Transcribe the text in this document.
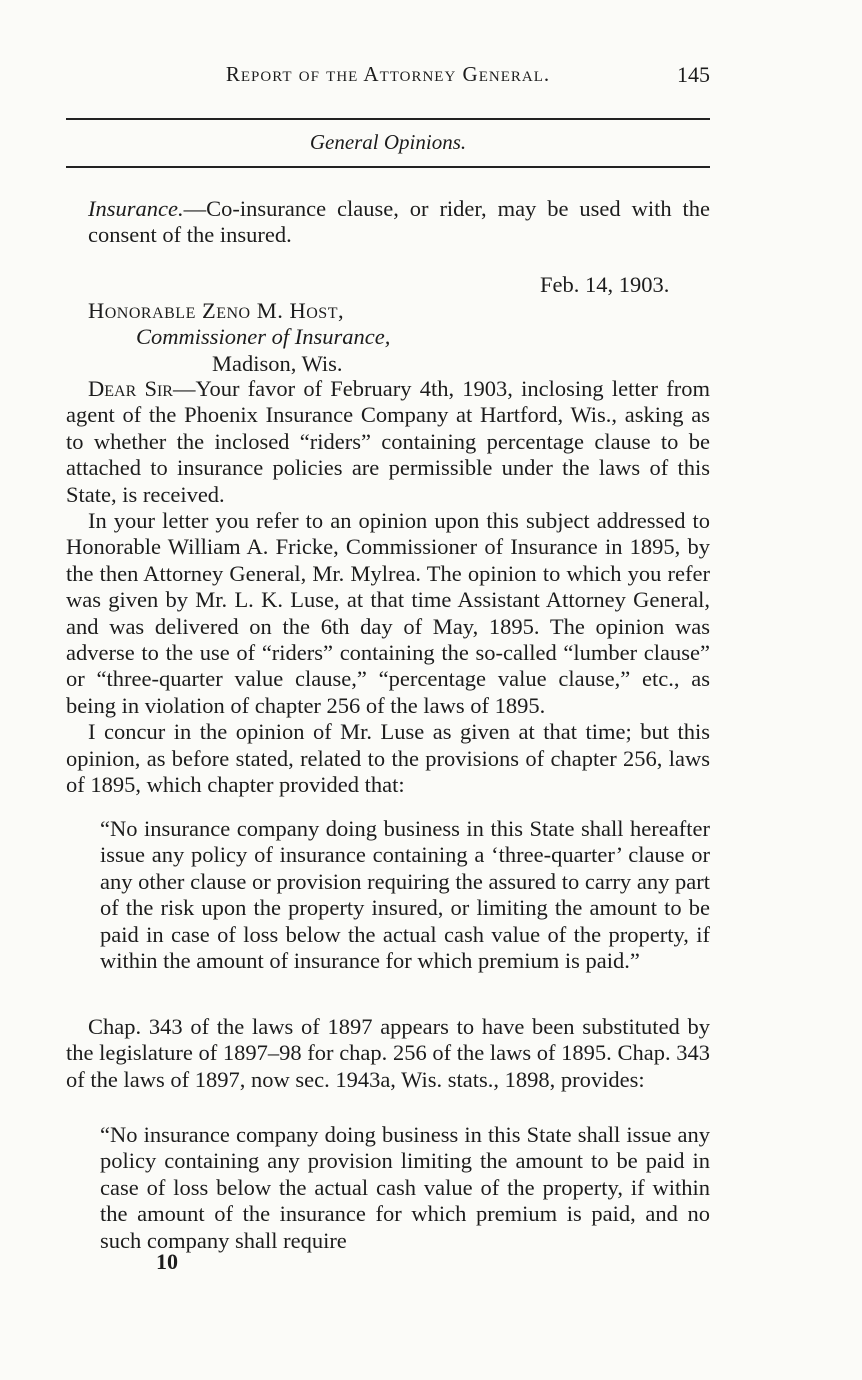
Report of the Attorney General.	145
General Opinions.
Insurance.—Co-insurance clause, or rider, may be used with the consent of the insured.
Feb. 14, 1903.
Honorable Zeno M. Host,
Commissioner of Insurance,
Madison, Wis.

Dear Sir—Your favor of February 4th, 1903, inclosing letter from agent of the Phoenix Insurance Company at Hartford, Wis., asking as to whether the inclosed “riders” containing percentage clause to be attached to insurance policies are permissible under the laws of this State, is received.

In your letter you refer to an opinion upon this subject addressed to Honorable William A. Fricke, Commissioner of Insurance in 1895, by the then Attorney General, Mr. Mylrea. The opinion to which you refer was given by Mr. L. K. Luse, at that time Assistant Attorney General, and was delivered on the 6th day of May, 1895. The opinion was adverse to the use of “riders” containing the so-called “lumber clause” or “three-quarter value clause,” “percentage value clause,” etc., as being in violation of chapter 256 of the laws of 1895.

I concur in the opinion of Mr. Luse as given at that time; but this opinion, as before stated, related to the provisions of chapter 256, laws of 1895, which chapter provided that:

“No insurance company doing business in this State shall hereafter issue any policy of insurance containing a ‘three-quarter’ clause or any other clause or provision requiring the assured to carry any part of the risk upon the property insured, or limiting the amount to be paid in case of loss below the actual cash value of the property, if within the amount of insurance for which premium is paid.”
Chap. 343 of the laws of 1897 appears to have been substituted by the legislature of 1897–98 for chap. 256 of the laws of 1895. Chap. 343 of the laws of 1897, now sec. 1943a, Wis. stats., 1898, provides:
“No insurance company doing business in this State shall issue any policy containing any provision limiting the amount to be paid in case of loss below the actual cash value of the property, if within the amount of the insurance for which premium is paid, and no such company shall require
10
